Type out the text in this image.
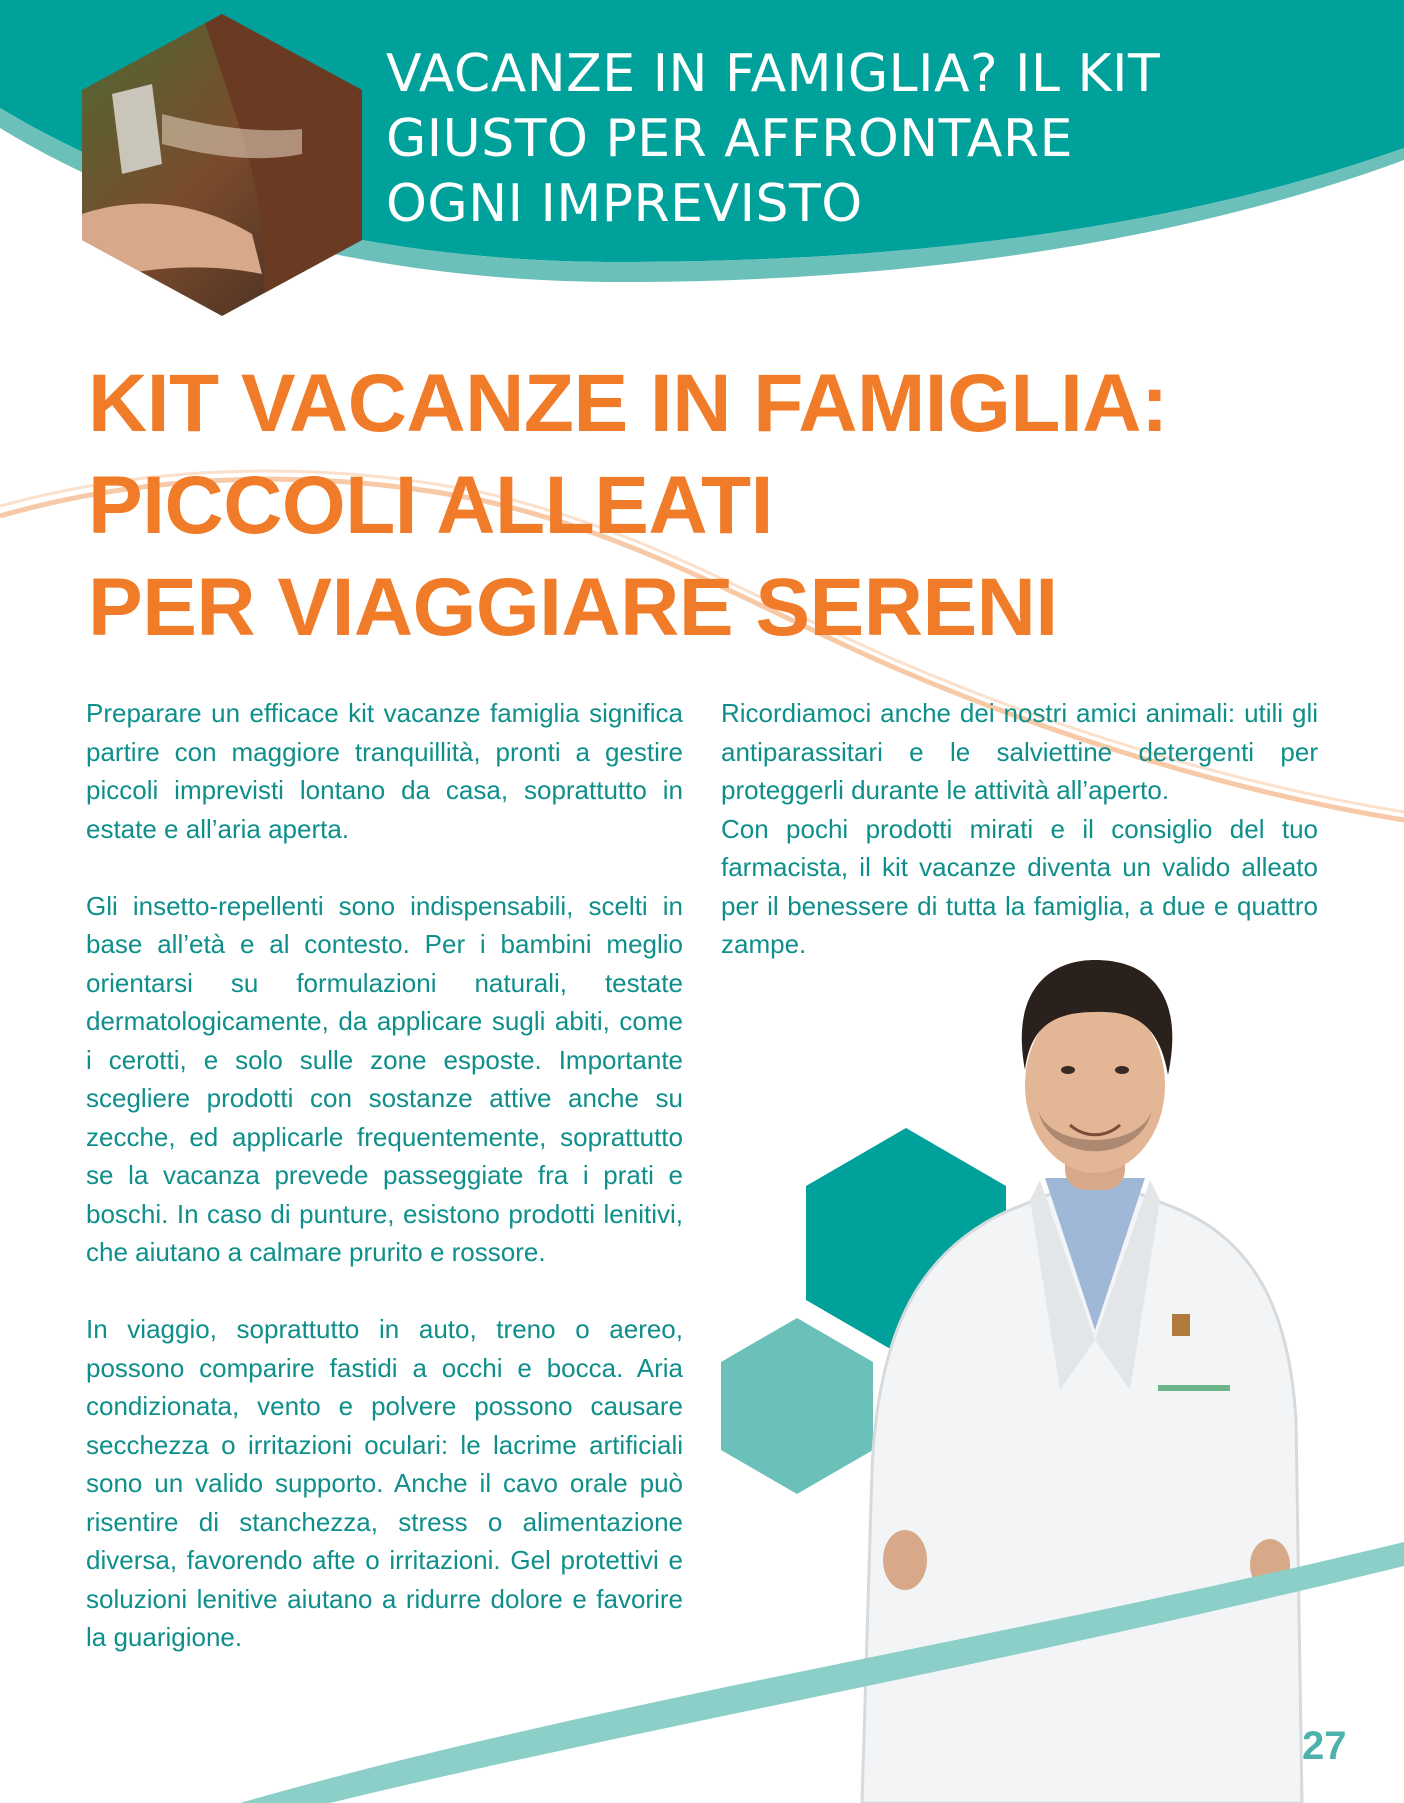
VACANZE IN FAMIGLIA? IL KIT
GIUSTO PER AFFRONTARE
OGNI IMPREVISTO
KIT VACANZE IN FAMIGLIA:
PICCOLI ALLEATI
PER VIAGGIARE SERENI

Preparare un efficace kit vacanze famiglia significa partire con maggiore tranquillità, pronti a gestire piccoli imprevisti lontano da casa, soprattutto in estate e all’aria aperta.

Gli insetto-repellenti sono indispensabili, scelti in base all’età e al contesto. Per i bambini meglio orientarsi su formulazioni naturali, testate dermatologicamente, da applicare sugli abiti, come i cerotti, e solo sulle zone esposte. Importante scegliere prodotti con sostanze attive anche su zecche, ed applicarle frequentemente, soprattutto se la vacanza prevede passeggiate fra i prati e boschi. In caso di punture, esistono prodotti lenitivi, che aiutano a calmare prurito e rossore.

In viaggio, soprattutto in auto, treno o aereo, possono comparire fastidi a occhi e bocca. Aria condizionata, vento e polvere possono causare secchezza o irritazioni oculari: le lacrime artificiali sono un valido supporto. Anche il cavo orale può risentire di stanchezza, stress o alimentazione diversa, favorendo afte o irritazioni. Gel protettivi e soluzioni lenitive aiutano a ridurre dolore e favorire la guarigione.

Ricordiamoci anche dei nostri amici animali: utili gli antiparassitari e le salviettine detergenti per proteggerli durante le attività all’aperto.

Con pochi prodotti mirati e il consiglio del tuo farmacista, il kit vacanze diventa un valido alleato per il benessere di tutta la famiglia, a due e quattro zampe.

27
